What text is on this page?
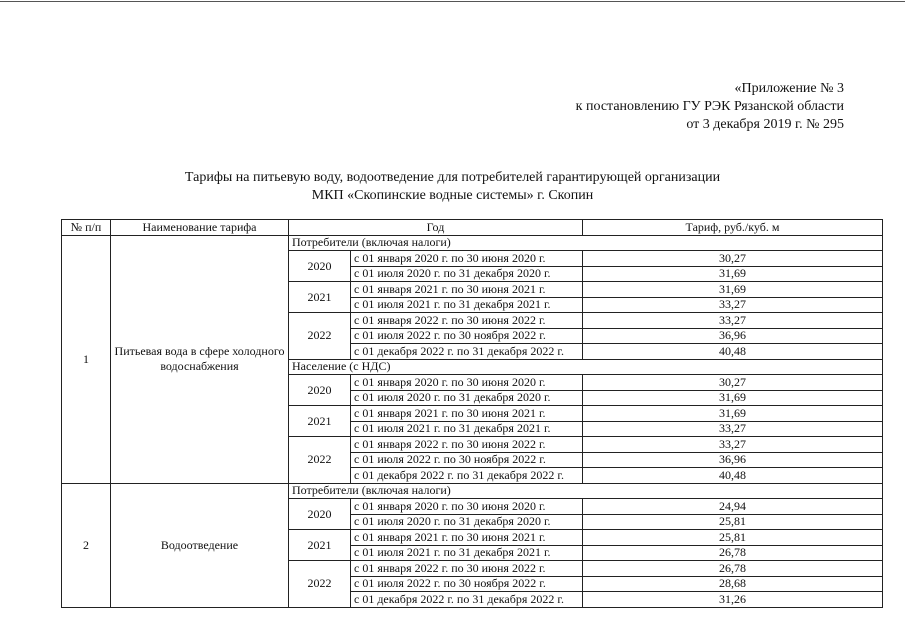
«Приложение № 3
к постановлению ГУ РЭК Рязанской области
от 3 декабря 2019 г. № 295
Тарифы на питьевую воду, водоотведение для потребителей гарантирующей организации
МКП «Скопинские водные системы» г. Скопин
№ п/п	Наименование тарифа	Год		Тариф, руб./куб. м
1	Питьевая вода в сфере холодного водоснабжения	Потребители (включая налоги)		
		2020	с 01 января 2020 г. по 30 июня 2020 г.	30,27
			с 01 июля 2020 г. по 31 декабря 2020 г.	31,69
		2021	с 01 января 2021 г. по 30 июня 2021 г.	31,69
			с 01 июля 2021 г. по 31 декабря 2021 г.	33,27
		2022	с 01 января 2022 г. по 30 июня 2022 г.	33,27
			с 01 июля 2022 г. по 30 ноября 2022 г.	36,96
			с 01 декабря 2022 г. по 31 декабря 2022 г.	40,48
		Население (с НДС)		
		2020	с 01 января 2020 г. по 30 июня 2020 г.	30,27
			с 01 июля 2020 г. по 31 декабря 2020 г.	31,69
		2021	с 01 января 2021 г. по 30 июня 2021 г.	31,69
			с 01 июля 2021 г. по 31 декабря 2021 г.	33,27
		2022	с 01 января 2022 г. по 30 июня 2022 г.	33,27
			с 01 июля 2022 г. по 30 ноября 2022 г.	36,96
			с 01 декабря 2022 г. по 31 декабря 2022 г.	40,48
2	Водоотведение	Потребители (включая налоги)		
		2020	с 01 января 2020 г. по 30 июня 2020 г.	24,94
			с 01 июля 2020 г. по 31 декабря 2020 г.	25,81
		2021	с 01 января 2021 г. по 30 июня 2021 г.	25,81
			с 01 июля 2021 г. по 31 декабря 2021 г.	26,78
		2022	с 01 января 2022 г. по 30 июня 2022 г.	26,78
			с 01 июля 2022 г. по 30 ноября 2022 г.	28,68
			с 01 декабря 2022 г. по 31 декабря 2022 г.	31,26
